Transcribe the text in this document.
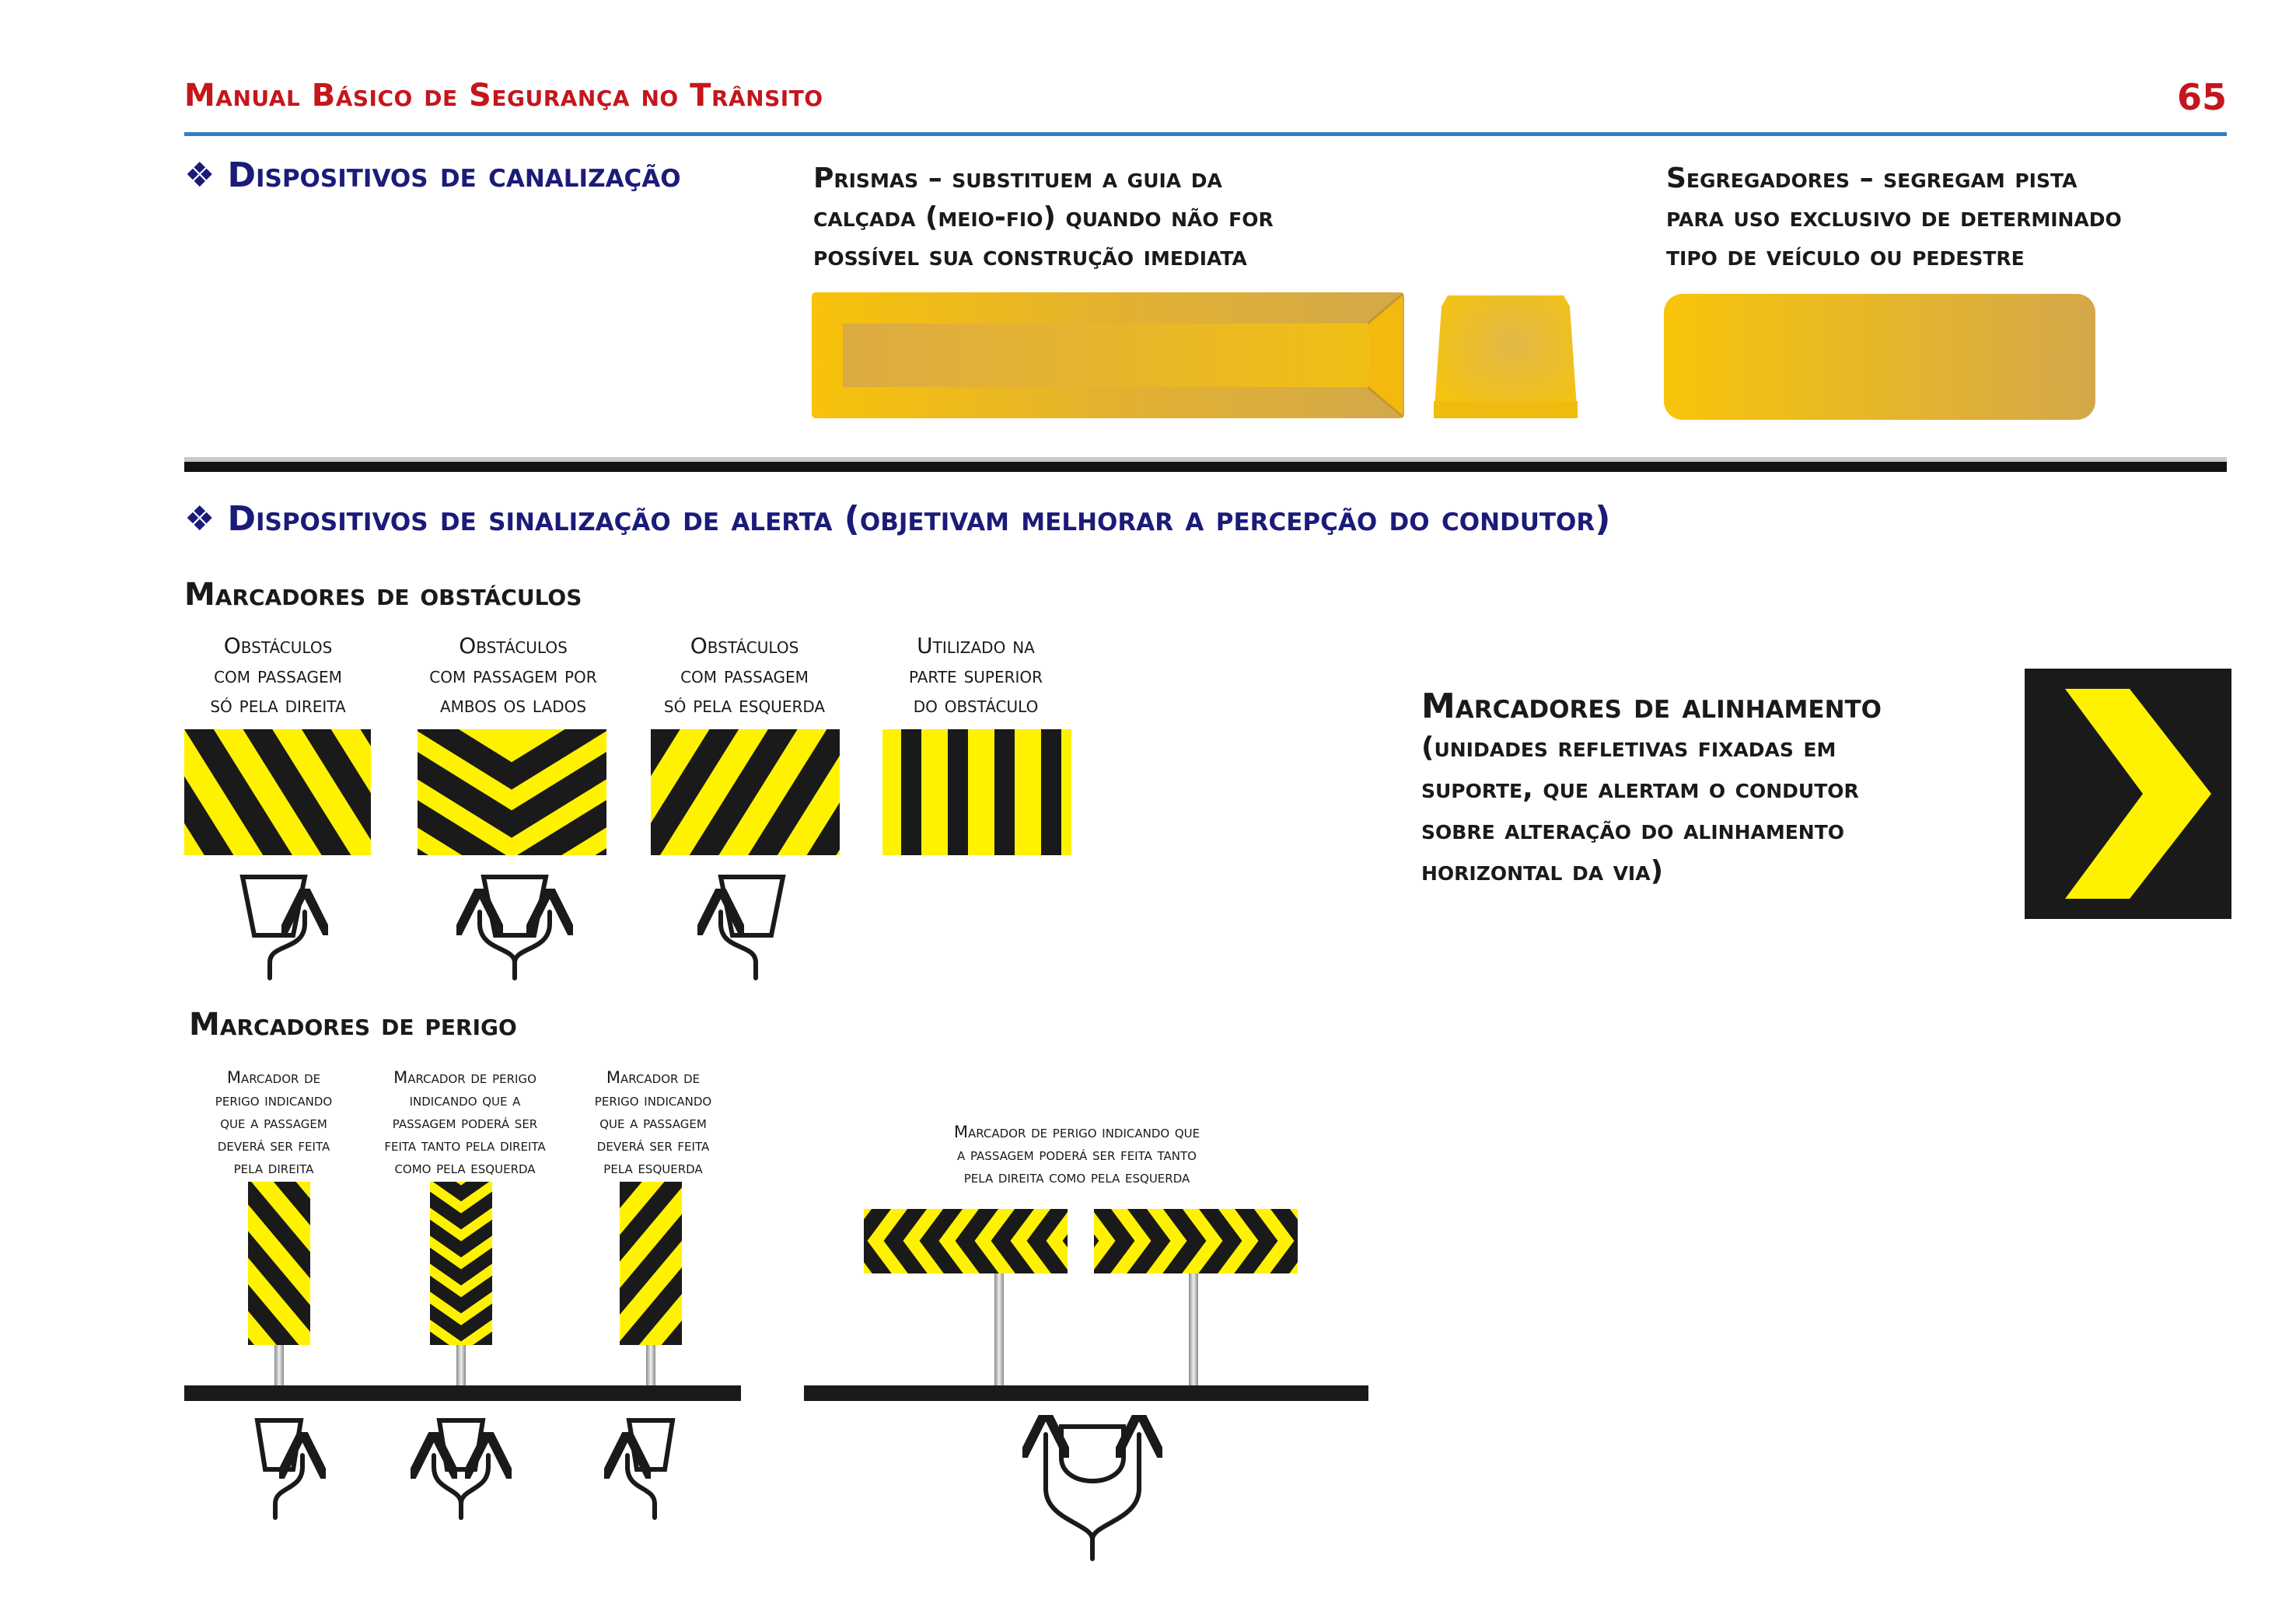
Manual Básico de Segurança no Trânsito	65
❖ Dispositivos de canalização	Prismas – substituem a guia da
calçada (meio-fio) quando não for
possível sua construção imediata
Segregadores – segregam pista
para uso exclusivo de determinado
tipo de veículo ou pedestre
❖ Dispositivos de sinalização de alerta (objetivam melhorar a percepção do condutor)
Marcadores de obstáculos
Obstáculos
com passagem
só pela direita
Obstáculos
com passagem por
ambos os lados
Obstáculos
com passagem
só pela esquerda
Utilizado na
parte superior
do obstáculo	Marcadores de alinhamento
(unidades refletivas fixadas em
suporte, que alertam o condutor
sobre alteração do alinhamento
horizontal da via)
Marcadores de perigo
Marcador de
perigo indicando
que a passagem
deverá ser feita
pela direita
Marcador de perigo
indicando que a
passagem poderá ser
feita tanto pela direita
como pela esquerda
Marcador de
perigo indicando
que a passagem
deverá ser feita
pela esquerda
Marcador de perigo indicando que
a passagem poderá ser feita tanto
pela direita como pela esquerda
